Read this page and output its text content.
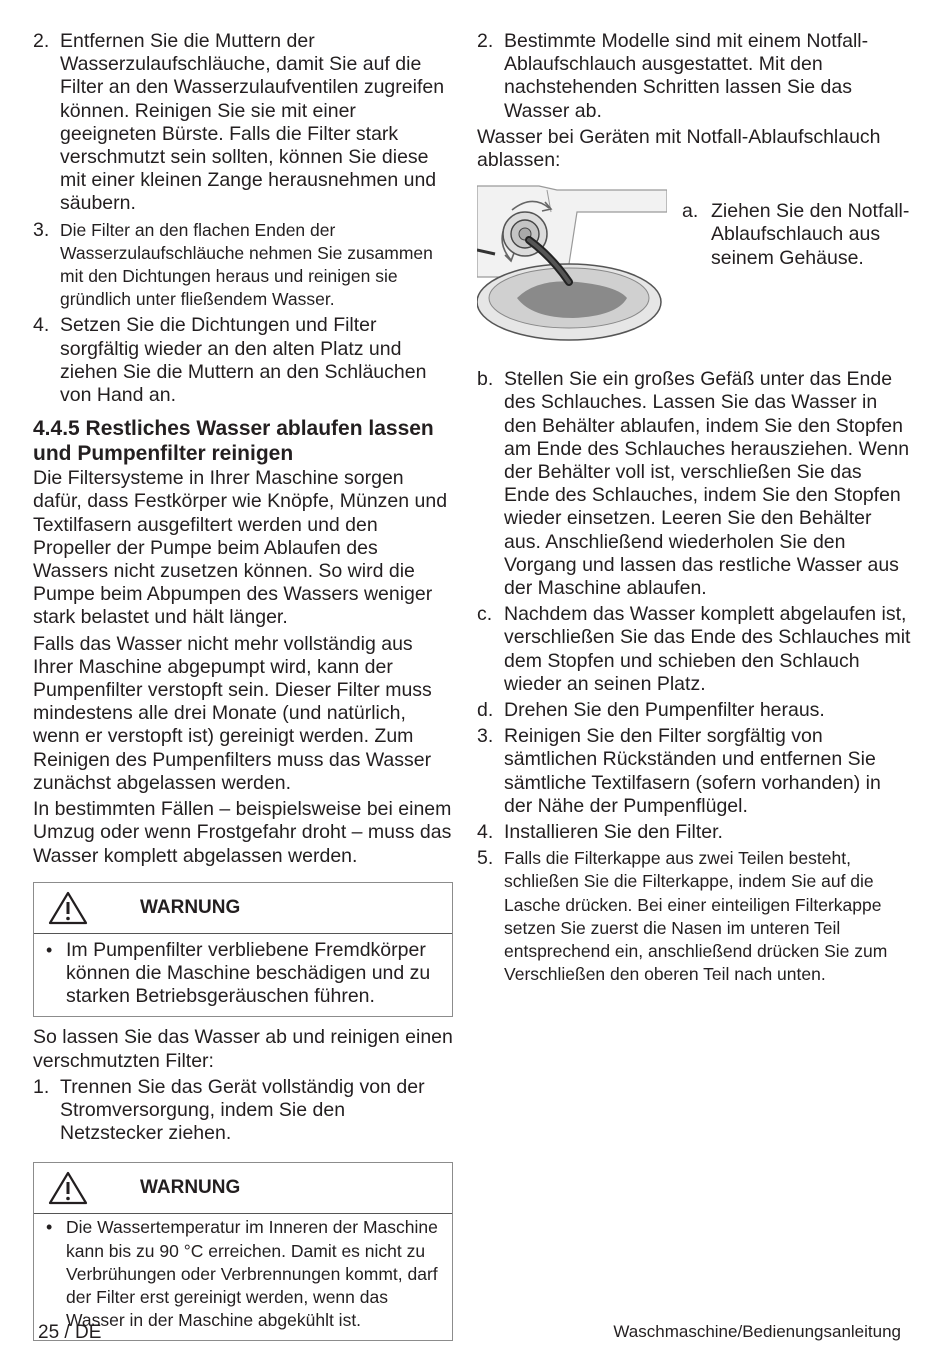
2. Entfernen Sie die Muttern der Wasserzulaufschläuche, damit Sie auf die Filter an den Wasserzulaufventilen zugreifen können. Reinigen Sie sie mit einer geeigneten Bürste. Falls die Filter stark verschmutzt sein sollten, können Sie diese mit einer kleinen Zange herausnehmen und säubern.
3. Die Filter an den flachen Enden der Wasserzulaufschläuche nehmen Sie zusammen mit den Dichtungen heraus und reinigen sie gründlich unter fließendem Wasser.
4. Setzen Sie die Dichtungen und Filter sorgfältig wieder an den alten Platz und ziehen Sie die Muttern an den Schläuchen von Hand an.
4.4.5 Restliches Wasser ablaufen lassen und Pumpenfilter reinigen

Die Filtersysteme in Ihrer Maschine sorgen dafür, dass Festkörper wie Knöpfe, Münzen und Textilfasern ausgefiltert werden und den Propeller der Pumpe beim Ablaufen des Wassers nicht zusetzen können. So wird die Pumpe beim Abpumpen des Wassers weniger stark belastet und hält länger.

Falls das Wasser nicht mehr vollständig aus Ihrer Maschine abgepumpt wird, kann der Pumpenfilter verstopft sein. Dieser Filter muss mindestens alle drei Monate (und natürlich, wenn er verstopft ist) gereinigt werden. Zum Reinigen des Pumpenfilters muss das Wasser zunächst abgelassen werden.

In bestimmten Fällen – beispielsweise bei einem Umzug oder wenn Frostgefahr droht – muss das Wasser komplett abgelassen werden.

WARNUNG
• Im Pumpenfilter verbliebene Fremdkörper können die Maschine beschädigen und zu starken Betriebsgeräuschen führen.

So lassen Sie das Wasser ab und reinigen einen verschmutzten Filter:

1. Trennen Sie das Gerät vollständig von der Stromversorgung, indem Sie den Netzstecker ziehen.
WARNUNG
• Die Wassertemperatur im Inneren der Maschine kann bis zu 90 °C erreichen. Damit es nicht zu Verbrühungen oder Verbrennungen kommt, darf der Filter erst gereinigt werden, wenn das Wasser in der Maschine abgekühlt ist.
2. Bestimmte Modelle sind mit einem Notfall-Ablaufschlauch ausgestattet. Mit den nachstehenden Schritten lassen Sie das Wasser ab.

Wasser bei Geräten mit Notfall-Ablaufschlauch ablassen:

a. Ziehen Sie den Notfall-Ablaufschlauch aus seinem Gehäuse.
b. Stellen Sie ein großes Gefäß unter das Ende des Schlauches. Lassen Sie das Wasser in den Behälter ablaufen, indem Sie den Stopfen am Ende des Schlauches herausziehen. Wenn der Behälter voll ist, verschließen Sie das Ende des Schlauches, indem Sie den Stopfen wieder einsetzen. Leeren Sie den Behälter aus. Anschließend wiederholen Sie den Vorgang und lassen das restliche Wasser aus der Maschine ablaufen.
c. Nachdem das Wasser komplett abgelaufen ist, verschließen Sie das Ende des Schlauches mit dem Stopfen und schieben den Schlauch wieder an seinen Platz.
d. Drehen Sie den Pumpenfilter heraus.
3. Reinigen Sie den Filter sorgfältig von sämtlichen Rückständen und entfernen Sie sämtliche Textilfasern (sofern vorhanden) in der Nähe der Pumpenflügel.
4. Installieren Sie den Filter.
5. Falls die Filterkappe aus zwei Teilen besteht, schließen Sie die Filterkappe, indem Sie auf die Lasche drücken. Bei einer einteiligen Filterkappe setzen Sie zuerst die Nasen im unteren Teil entsprechend ein, anschließend drücken Sie zum Verschließen den oberen Teil nach unten.
25 / DE	Waschmaschine/Bedienungsanleitung
